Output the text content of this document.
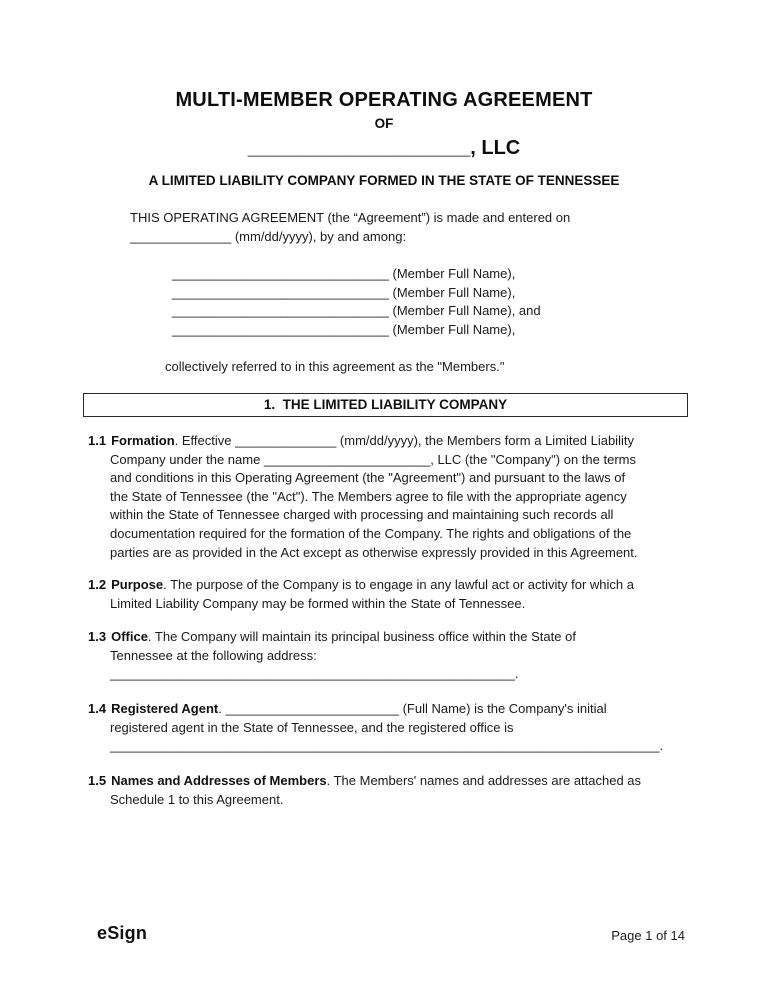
MULTI-MEMBER OPERATING AGREEMENT
OF
____________________, LLC
A LIMITED LIABILITY COMPANY FORMED IN THE STATE OF TENNESSEE
THIS OPERATING AGREEMENT (the “Agreement”) is made and entered on
______________ (mm/dd/yyyy), by and among:
______________________________ (Member Full Name),
______________________________ (Member Full Name),
______________________________ (Member Full Name), and
______________________________ (Member Full Name),
collectively referred to in this agreement as the "Members."
1.  THE LIMITED LIABILITY COMPANY
1.1 Formation. Effective ______________ (mm/dd/yyyy), the Members form a Limited Liability
Company under the name _______________________, LLC (the "Company") on the terms
and conditions in this Operating Agreement (the "Agreement") and pursuant to the laws of
the State of Tennessee (the "Act"). The Members agree to file with the appropriate agency
within the State of Tennessee charged with processing and maintaining such records all
documentation required for the formation of the Company. The rights and obligations of the
parties are as provided in the Act except as otherwise expressly provided in this Agreement.
1.2 Purpose. The purpose of the Company is to engage in any lawful act or activity for which a
Limited Liability Company may be formed within the State of Tennessee.
1.3 Office. The Company will maintain its principal business office within the State of
Tennessee at the following address:
________________________________________________________.
1.4 Registered Agent. ________________________ (Full Name) is the Company's initial
registered agent in the State of Tennessee, and the registered office is
____________________________________________________________________________.
1.5 Names and Addresses of Members. The Members' names and addresses are attached as
Schedule 1 to this Agreement.
eSign	Page 1 of 14
